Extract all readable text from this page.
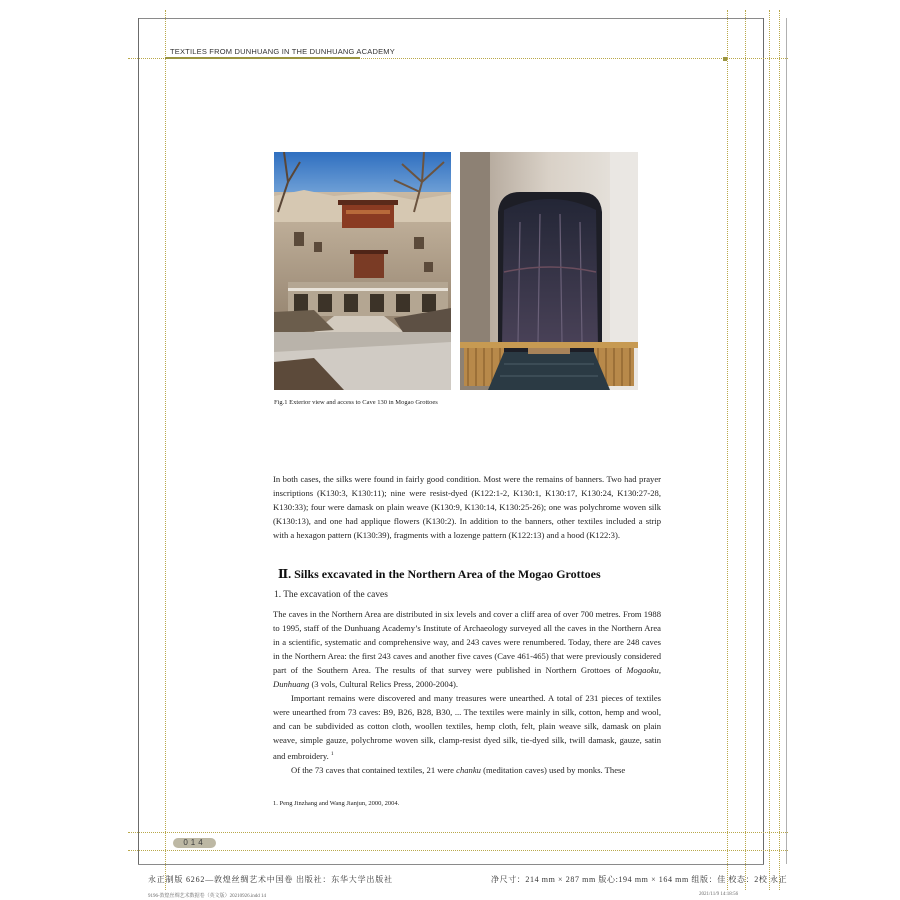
TEXTILES FROM DUNHUANG IN THE DUNHUANG ACADEMY
Fig.1 Exterior view and access to Cave 130 in Mogao Grottoes

In both cases, the silks were found in fairly good condition. Most were the remains of banners. Two had prayer inscriptions (K130:3, K130:11); nine were resist-dyed (K122:1-2, K130:1, K130:17, K130:24, K130:27-28, K130:33); four were damask on plain weave (K130:9, K130:14, K130:25-26); one was polychrome woven silk (K130:13), and one had applique flowers (K130:2). In addition to the banners, other textiles included a strip with a hexagon pattern (K130:39), fragments with a lozenge pattern (K122:13) and a hood (K122:3).

Ⅱ. Silks excavated in the Northern Area of the Mogao Grottoes
1. The excavation of the caves

The caves in the Northern Area are distributed in six levels and cover a cliff area of over 700 metres. From 1988 to 1995, staff of the Dunhuang Academy’s Institute of Archaeology surveyed all the caves in the Northern Area in a scientific, systematic and comprehensive way, and 243 caves were renumbered. Today, there are 248 caves in the Northern Area: the first 243 caves and another five caves (Cave 461-465) that were previously considered part of the Southern Area. The results of that survey were published in Northern Grottoes of Mogaoku, Dunhuang (3 vols, Cultural Relics Press, 2000-2004).

Important remains were discovered and many treasures were unearthed. A total of 231 pieces of textiles were unearthed from 73 caves: B9, B26, B28, B30, ... The textiles were mainly in silk, cotton, hemp and wool, and can be subdivided as cotton cloth, woollen textiles, hemp cloth, felt, plain weave silk, damask on plain weave, simple gauze, polychrome woven silk, clamp-resist dyed silk, tie-dyed silk, twill damask, gauze, satin and embroidery. $^1$

Of the 73 caves that contained textiles, 21 were chanku (meditation caves) used by monks. These

1. Peng Jinzhang and Wang Jianjun, 2000, 2004.
014
永正制版 6262—敦煌丝绸艺术中国卷 出版社：东华大学出版社	净尺寸：214 mm × 287 mm 版心:194 mm × 164 mm 组版：佳 校态：2校 永正
9196-敦煌丝绸艺术数据卷（英文版）20210926.indd 14	2021/11/9 14:18:56
